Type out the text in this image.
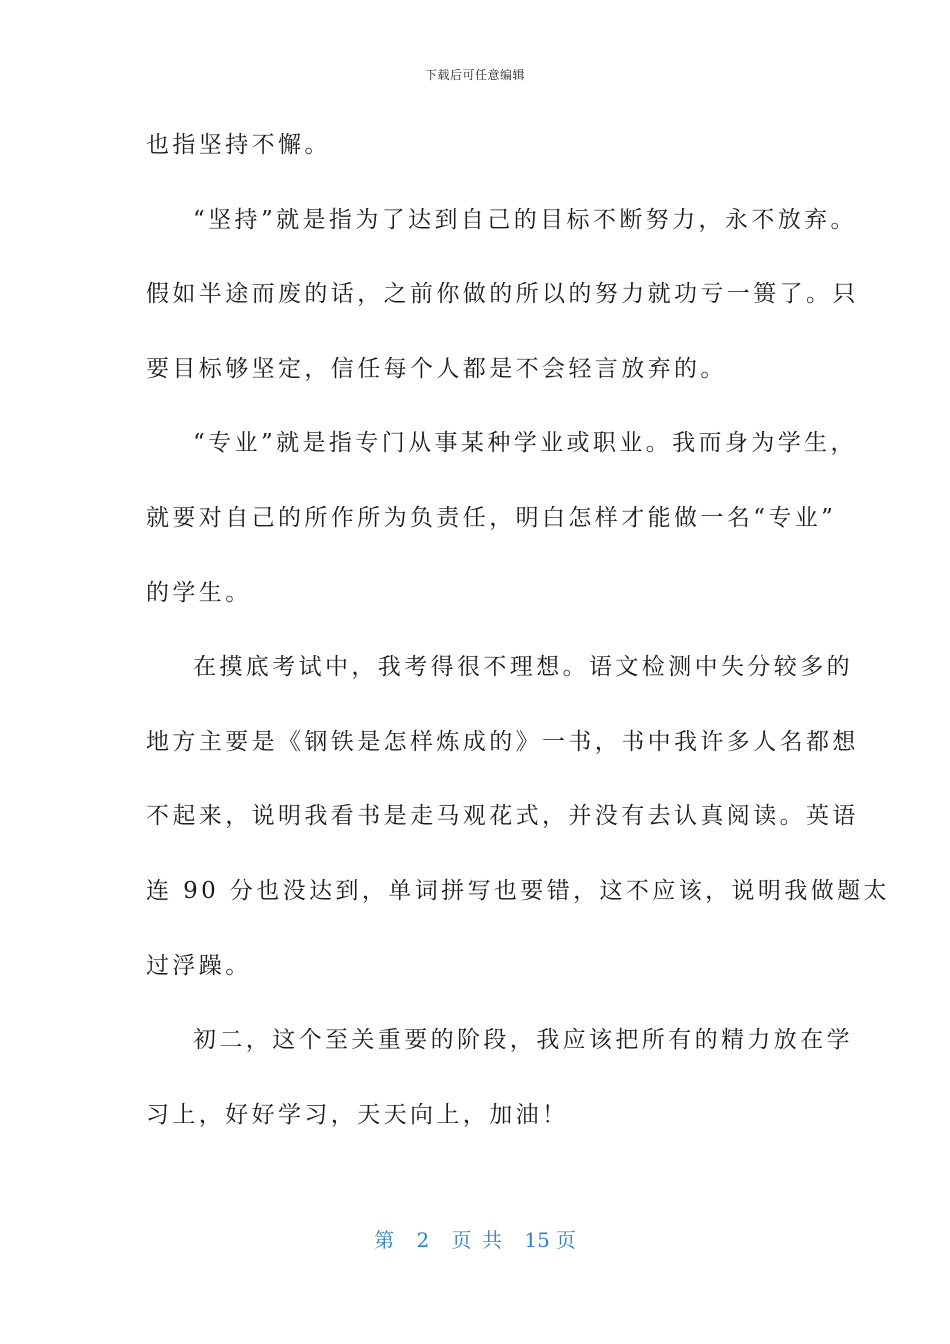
下载后可任意编辑
也指坚持不懈。
“坚持”就是指为了达到自己的目标不断努力，永不放弃。
假如半途而废的话，之前你做的所以的努力就功亏一篑了。只
要目标够坚定，信任每个人都是不会轻言放弃的。
“专业”就是指专门从事某种学业或职业。我而身为学生，
就要对自己的所作所为负责任，明白怎样才能做一名“专业”
的学生。
在摸底考试中，我考得很不理想。语文检测中失分较多的
地方主要是《钢铁是怎样炼成的》一书，书中我许多人名都想
不起来，说明我看书是走马观花式，并没有去认真阅读。英语
连 90 分也没达到，单词拼写也要错，这不应该，说明我做题太
过浮躁。
初二，这个至关重要的阶段，我应该把所有的精力放在学
习上，好好学习，天天向上，加油！
第 2 页 共 15 页
